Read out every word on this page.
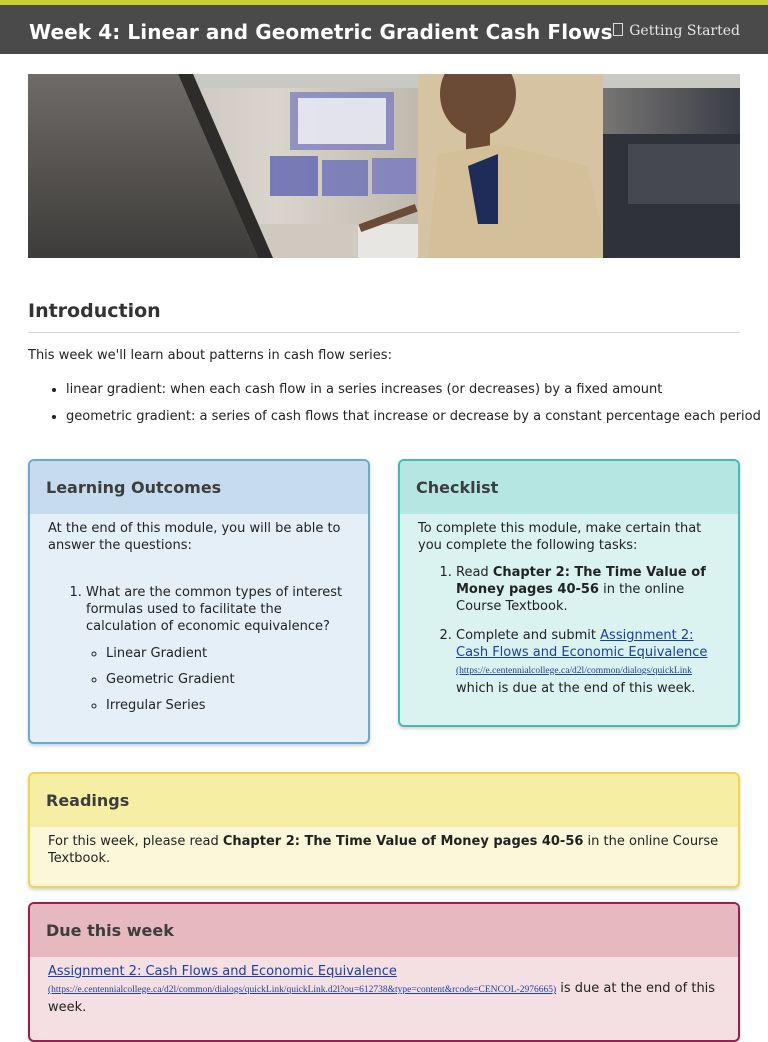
Week 4: Linear and Geometric Gradient Cash Flows	Getting Started
Introduction
This week we'll learn about patterns in cash flow series:
• linear gradient: when each cash flow in a series increases (or decreases) by a fixed amount
• geometric gradient: a series of cash flows that increase or decrease by a constant percentage each period
Learning Outcomes
At the end of this module, you will be able to answer the questions:
1. What are the common types of interest formulas used to facilitate the calculation of economic equivalence?
◦ Linear Gradient
◦ Geometric Gradient
◦ Irregular Series
Checklist
To complete this module, make certain that you complete the following tasks:
1. Read Chapter 2: The Time Value of Money pages 40-56 in the online Course Textbook.
2. Complete and submit Assignment 2: Cash Flows and Economic Equivalence
(https://e.centennialcollege.ca/d2l/common/dialogs/quickLink
which is due at the end of this week.
Readings
For this week, please read Chapter 2: The Time Value of Money pages 40-56 in the online Course Textbook.
Due this week
Assignment 2: Cash Flows and Economic Equivalence
(https://e.centennialcollege.ca/d2l/common/dialogs/quickLink/quickLink.d2l?ou=612738&type=content&rcode=CENCOL-2976665) is due at the end of this week.
